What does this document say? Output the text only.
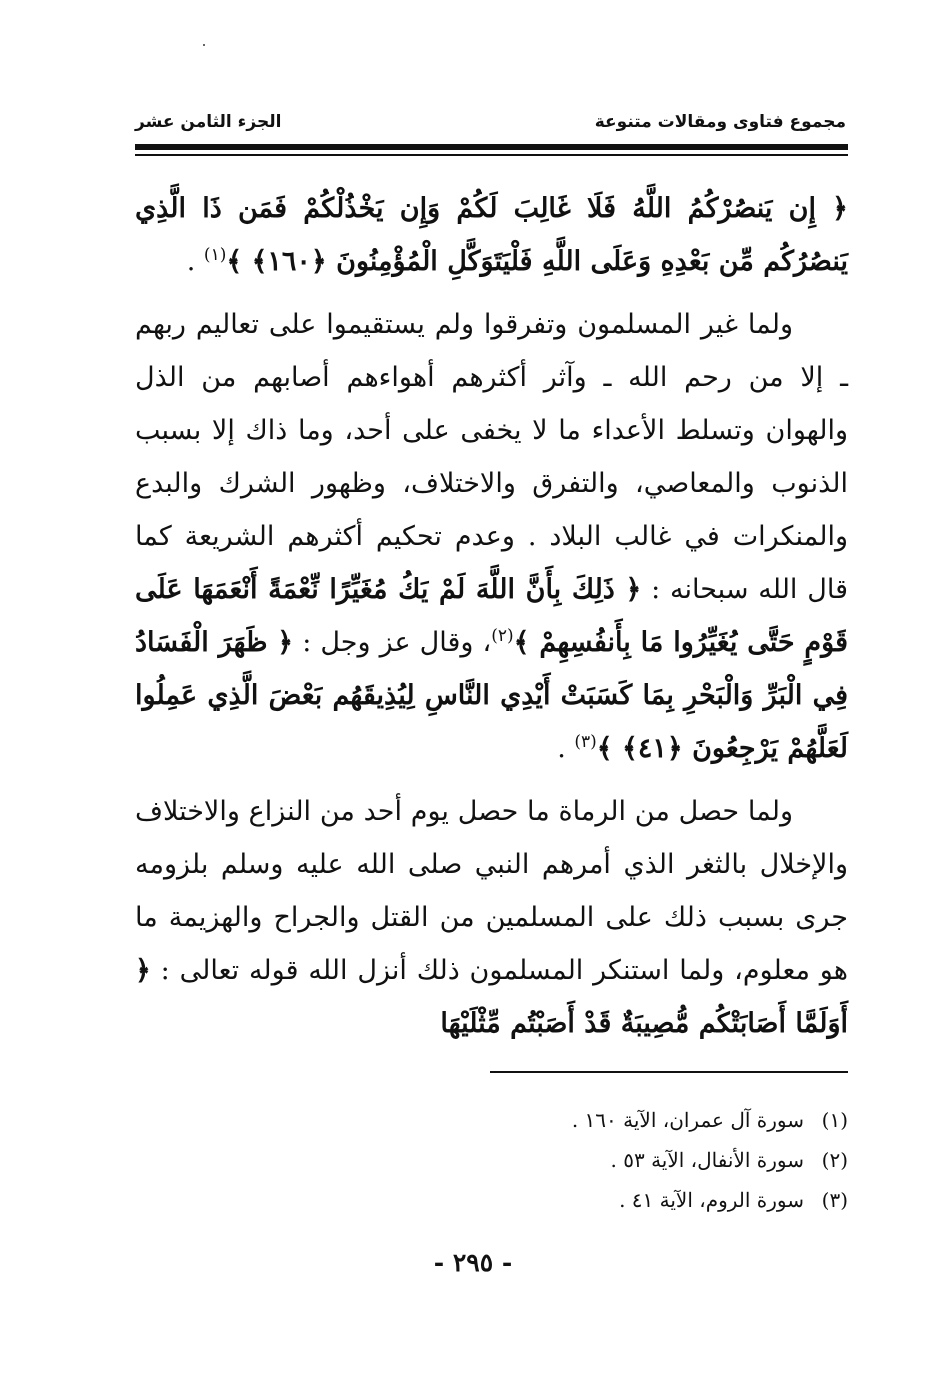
مجموع فتاوى ومقالات متنوعة
الجزء الثامن عشر

﴿ إِن يَنصُرْكُمُ اللَّهُ فَلَا غَالِبَ لَكُمْ وَإِن يَخْذُلْكُمْ فَمَن ذَا الَّذِي يَنصُرُكُم مِّن بَعْدِهِ وَعَلَى اللَّهِ فَلْيَتَوَكَّلِ الْمُؤْمِنُونَ ﴿١٦٠﴾ ﴾$^{(١)}$ .

ولما غير المسلمون وتفرقوا ولم يستقيموا على تعاليم ربهم ـ إلا من رحم الله ـ وآثر أكثرهم أهواءهم أصابهم من الذل والهوان وتسلط الأعداء ما لا يخفى على أحد، وما ذاك إلا بسبب الذنوب والمعاصي، والتفرق والاختلاف، وظهور الشرك والبدع والمنكرات في غالب البلاد . وعدم تحكيم أكثرهم الشريعة كما قال الله سبحانه : ﴿ ذَلِكَ بِأَنَّ اللَّهَ لَمْ يَكُ مُغَيِّرًا نِّعْمَةً أَنْعَمَهَا عَلَى قَوْمٍ حَتَّى يُغَيِّرُوا مَا بِأَنفُسِهِمْ ﴾$^{(٢)}$، وقال عز وجل : ﴿ ظَهَرَ الْفَسَادُ فِي الْبَرِّ وَالْبَحْرِ بِمَا كَسَبَتْ أَيْدِي النَّاسِ لِيُذِيقَهُم بَعْضَ الَّذِي عَمِلُوا لَعَلَّهُمْ يَرْجِعُونَ ﴿٤١﴾ ﴾$^{(٣)}$ .

ولما حصل من الرماة ما حصل يوم أحد من النزاع والاختلاف والإخلال بالثغر الذي أمرهم النبي صلى الله عليه وسلم بلزومه جرى بسبب ذلك على المسلمين من القتل والجراح والهزيمة ما هو معلوم، ولما استنكر المسلمون ذلك أنزل الله قوله تعالى : ﴿ أَوَلَمَّا أَصَابَتْكُم مُّصِيبَةٌ قَدْ أَصَبْتُم مِّثْلَيْهَا

(١)سورة آل عمران، الآية ١٦٠ .
(٢)سورة الأنفال، الآية ٥٣ .
(٣)سورة الروم، الآية ٤١ .
- ٢٩٥ -
